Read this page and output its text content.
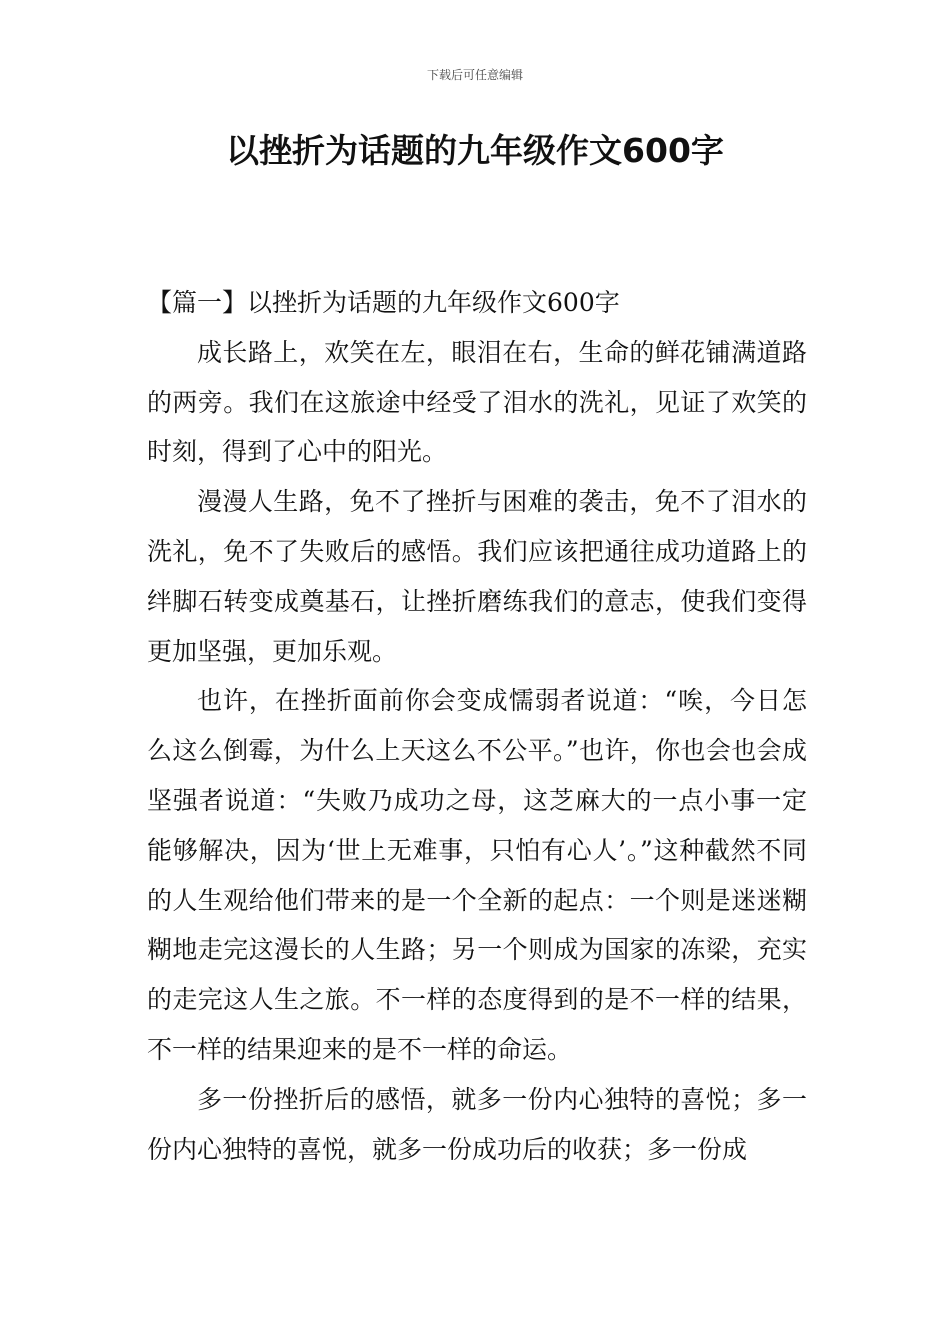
下载后可任意编辑
以挫折为话题的九年级作文600字
【篇一】以挫折为话题的九年级作文600字

成长路上，欢笑在左，眼泪在右，生命的鲜花铺满道路的两旁。我们在这旅途中经受了泪水的洗礼，见证了欢笑的时刻，得到了心中的阳光。

漫漫人生路，免不了挫折与困难的袭击，免不了泪水的洗礼，免不了失败后的感悟。我们应该把通往成功道路上的绊脚石转变成奠基石，让挫折磨练我们的意志，使我们变得更加坚强，更加乐观。

也许，在挫折面前你会变成懦弱者说道：“唉，今日怎么这么倒霉，为什么上天这么不公平。”也许，你也会也会成坚强者说道：“失败乃成功之母，这芝麻大的一点小事一定能够解决，因为‘世上无难事，只怕有心人’。”这种截然不同的人生观给他们带来的是一个全新的起点：一个则是迷迷糊糊地走完这漫长的人生路；另一个则成为国家的冻梁，充实的走完这人生之旅。不一样的态度得到的是不一样的结果，不一样的结果迎来的是不一样的命运。

多一份挫折后的感悟，就多一份内心独特的喜悦；多一份内心独特的喜悦，就多一份成功后的收获；多一份成
